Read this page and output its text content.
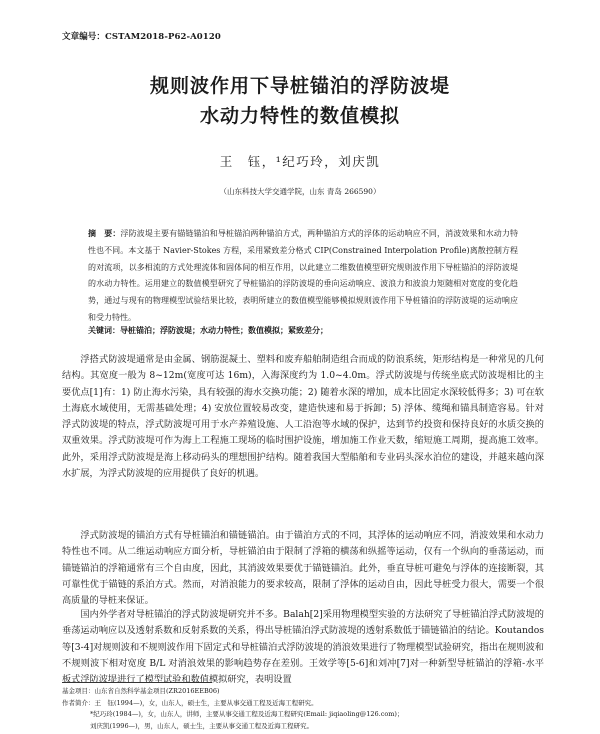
文章编号：CSTAM2018-P62-A0120
规则波作用下导桩锚泊的浮防波堤
水动力特性的数值模拟
王　钰，¹纪巧玲，刘庆凯
（山东科技大学交通学院，山东 青岛 266590）
摘　要：浮防波堤主要有锚链锚泊和导桩锚泊两种锚泊方式，两种锚泊方式的浮体的运动响应不同，消波效果和水动力特性也不同。本文基于 Navier-Stokes 方程，采用紧致差分格式 CIP(Constrained Interpolation Profile)离散控制方程的对流项，以多相流的方式处理流体和固体间的相互作用，以此建立二维数值模型研究规则波作用下导桩锚泊的浮防波堤的水动力特性。运用建立的数值模型研究了导桩锚泊的浮防波堤的垂向运动响应、波浪力和波浪力矩随相对宽度的变化趋势，通过与现有的物理模型试验结果比较，表明所建立的数值模型能够模拟规则波作用下导桩锚泊的浮防波堤的运动响应和受力特性。
关键词：导桩锚泊；浮防波堤；水动力特性；数值模拟；紧致差分；
浮搭式防波堤通常是由金属、钢筋混凝土、塑料和废弃船舶制造组合而成的防浪系统，矩形结构是一种常见的几何结构。其宽度一般为 8~12m(宽度可达 16m)，入海深度约为 1.0~4.0m。浮式防波堤与传统坐底式防波堤相比的主要优点[1]有：1) 防止海水污染，具有较强的海水交换功能；2) 随着水深的增加，成本比固定水深较低得多；3) 可在软土海底水域使用，无需基础处理；4) 安放位置较易改变，建造快速和易于拆卸；5) 浮体、缆绳和锚具制造容易。针对浮式防波堤的特点，浮式防波堤可用于水产养殖设施、人工沿泡等水域的保护，达到节约投资和保持良好的水质交换的双重效果。浮式防波堤可作为海上工程施工现场的临时围护设施，增加施工作业天数，缩短施工周期，提高施工效率。此外，采用浮式防波堤是海上移动码头的理想围护结构。随着我国大型船舶和专业码头深水泊位的建设，并越来越向深水扩展，为浮式防波堤的应用提供了良好的机遇。
浮式防波堤的锚泊方式有导桩锚泊和锚链锚泊。由于锚泊方式的不同，其浮体的运动响应不同，消波效果和水动力特性也不同。从二维运动响应方面分析，导桩锚泊由于限制了浮箱的横荡和纵摇等运动，仅有一个纵向的垂荡运动，而锚链锚泊的浮箱通常有三个自由度，因此，其消波效果要优于锚链锚泊。此外，垂直导桩可避免与浮体的连接断裂，其可靠性优于锚链的系泊方式。然而，对消浪能力的要求较高，限制了浮体的运动自由，因此导桩受力很大，需要一个很高质量的导桩来保证。
国内外学者对导桩锚泊的浮式防波堤研究并不多。Balah[2]采用物理模型实验的方法研究了导桩锚泊浮式防波堤的垂荡运动响应以及透射系数和反射系数的关系，得出导桩锚泊浮式防波堤的透射系数低于锚链锚泊的结论。Koutandos 等[3-4]对规则波和不规则波作用下固定式和导桩锚泊式浮防波堤的消浪效果进行了物理模型试验研究，指出在规则波和不规则波下相对宽度 B/L 对消浪效果的影响趋势存在差别。王效学等[5-6]和刘冲[7]对一种新型导桩锚泊的浮箱-水平板式浮防波堤进行了模型试验和数值模拟研究，表明设置
基金项目：山东省自然科学基金项目(ZR2016EEB06)
作者简介：王　钰(1994—)，女，山东人，硕士生，主要从事交通工程及近海工程研究。
*纪巧玲(1984—)，女，山东人，讲师，主要从事交通工程及近海工程研究(Email: jiqiaoling@126.com)；
刘庆凯(1996—)，男，山东人，硕士生，主要从事交通工程及近海工程研究。
